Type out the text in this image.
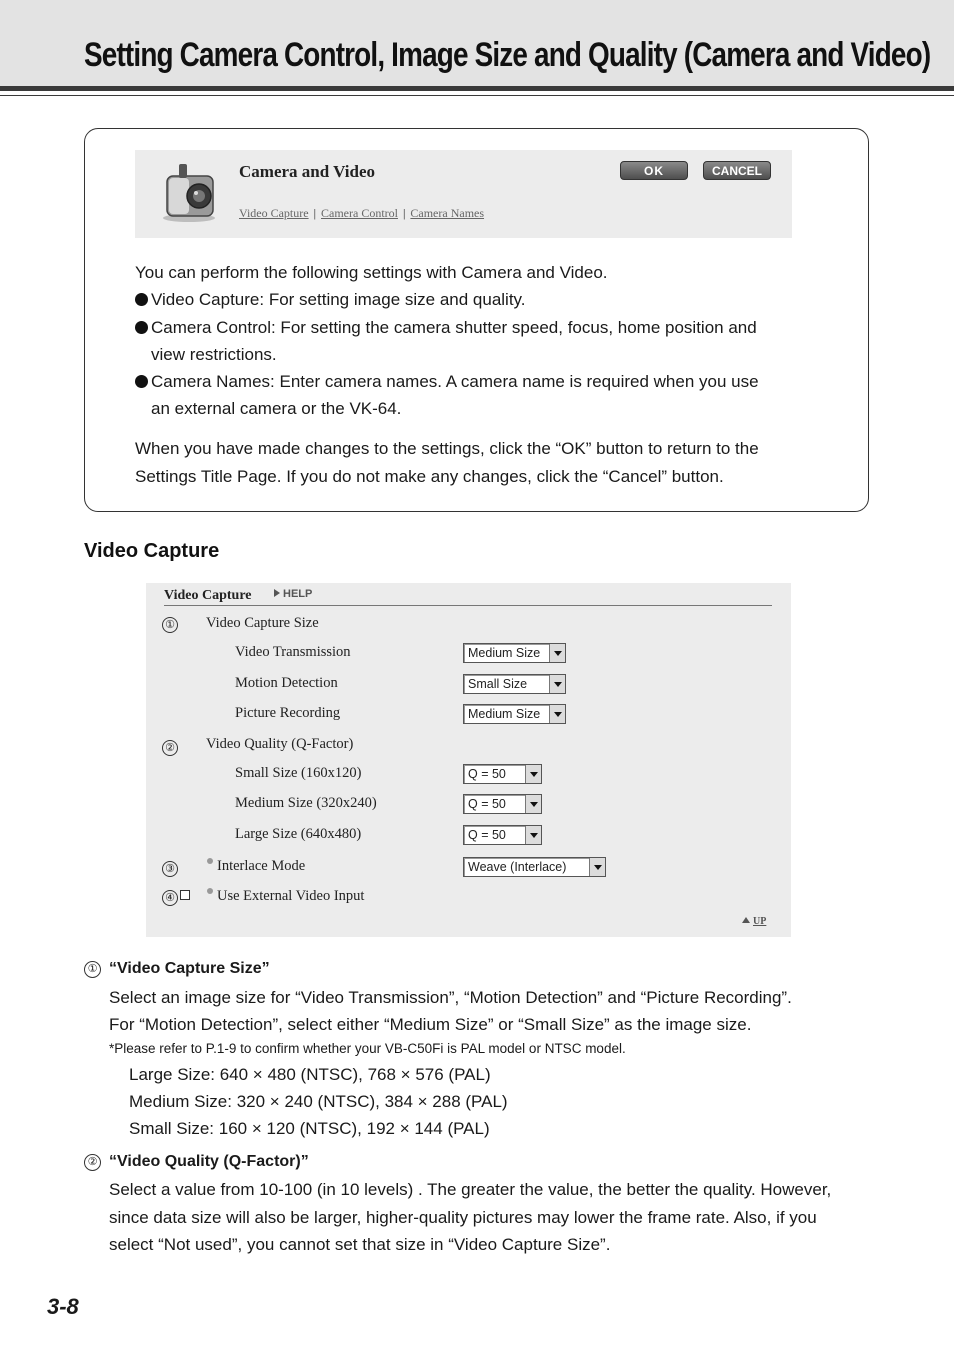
Setting Camera Control, Image Size and Quality (Camera and Video)
Camera and Video	OK	CANCEL
Video Capture | Camera Control | Camera Names
You can perform the following settings with Camera and Video.
Video Capture: For setting image size and quality.
Camera Control: For setting the camera shutter speed, focus, home position and
view restrictions.
Camera Names: Enter camera names. A camera name is required when you use
an external camera or the VK-64.
When you have made changes to the settings, click the “OK” button to return to the
Settings Title Page. If you do not make any changes, click the “Cancel” button.
Video Capture
Video Capture	HELP
① Video Capture Size
Video Transmission	Medium Size
Motion Detection	Small Size
Picture Recording	Medium Size
② Video Quality (Q-Factor)
Small Size (160x120)	Q = 50
Medium Size (320x240)	Q = 50
Large Size (640x480)	Q = 50
③	Interlace Mode	Weave (Interlace)
④	Use External Video Input
UP
① “Video Capture Size”
Select an image size for “Video Transmission”, “Motion Detection” and “Picture Recording”.
For “Motion Detection”, select either “Medium Size” or “Small Size” as the image size.
*Please refer to P.1-9 to confirm whether your VB-C50Fi is PAL model or NTSC model.
Large Size: 640 × 480 (NTSC), 768 × 576 (PAL)
Medium Size: 320 × 240 (NTSC), 384 × 288 (PAL)
Small Size: 160 × 120 (NTSC), 192 × 144 (PAL)
② “Video Quality (Q-Factor)”
Select a value from 10-100 (in 10 levels) . The greater the value, the better the quality. However,
since data size will also be larger, higher-quality pictures may lower the frame rate. Also, if you
select “Not used”, you cannot set that size in “Video Capture Size”.
3-8
